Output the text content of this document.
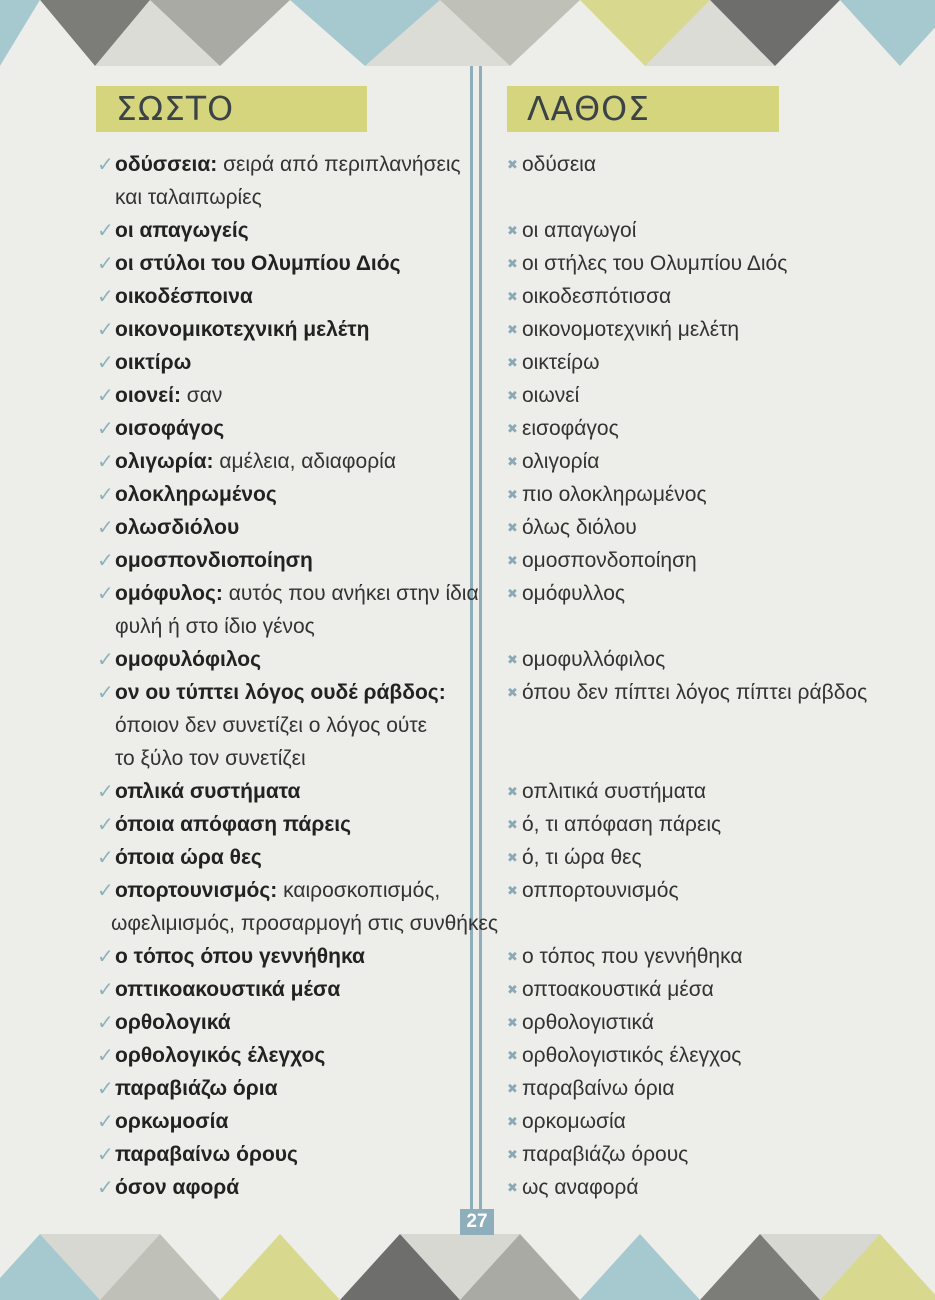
27
ΣΩΣΤΟ	ΛΑΘΟΣ
✓οδύσσεια: σειρά από περιπλανήσεις
και ταλαιπωρίες
✓οι απαγωγείς
✓οι στύλοι του Ολυμπίου Διός
✓οικοδέσποινα
✓οικονομικοτεχνική μελέτη
✓οικτίρω
✓οιονεί: σαν
✓οισοφάγος
✓ολιγωρία: αμέλεια, αδιαφορία
✓ολοκληρωμένος
✓ολωσδιόλου
✓ομοσπονδιοποίηση
✓ομόφυλος: αυτός που ανήκει στην ίδια
φυλή ή στο ίδιο γένος
✓ομοφυλόφιλος
✓ον ου τύπτει λόγος ουδέ ράβδος:
όποιον δεν συνετίζει ο λόγος ούτε
το ξύλο τον συνετίζει
✓οπλικά συστήματα
✓όποια απόφαση πάρεις
✓όποια ώρα θες
✓οπορτουνισμός: καιροσκοπισμός,
ωφελιμισμός, προσαρμογή στις συνθήκες
✓ο τόπος όπου γεννήθηκα
✓οπτικοακουστικά μέσα
✓ορθολογικά
✓ορθολογικός έλεγχος
✓παραβιάζω όρια
✓ορκωμοσία
✓παραβαίνω όρους
✓όσον αφορά
✖ οδύσεια
✖ οι απαγωγοί
✖ οι στήλες του Ολυμπίου Διός
✖ οικοδεσπότισσα
✖ οικονομοτεχνική μελέτη
✖ οικτείρω
✖ οιωνεί
✖ εισοφάγος
✖ ολιγορία
✖ πιο ολοκληρωμένος
✖ όλως διόλου
✖ ομοσπονδοποίηση
✖ ομόφυλλος
✖ ομοφυλλόφιλος
✖ όπου δεν πίπτει λόγος πίπτει ράβδος
✖ οπλιτικά συστήματα
✖ ό, τι απόφαση πάρεις
✖ ό, τι ώρα θες
✖ οππορτουνισμός
✖ ο τόπος που γεννήθηκα
✖ οπτοακουστικά μέσα
✖ ορθολογιστικά
✖ ορθολογιστικός έλεγχος
✖ παραβαίνω όρια
✖ ορκομωσία
✖ παραβιάζω όρους
✖ ως αναφορά
